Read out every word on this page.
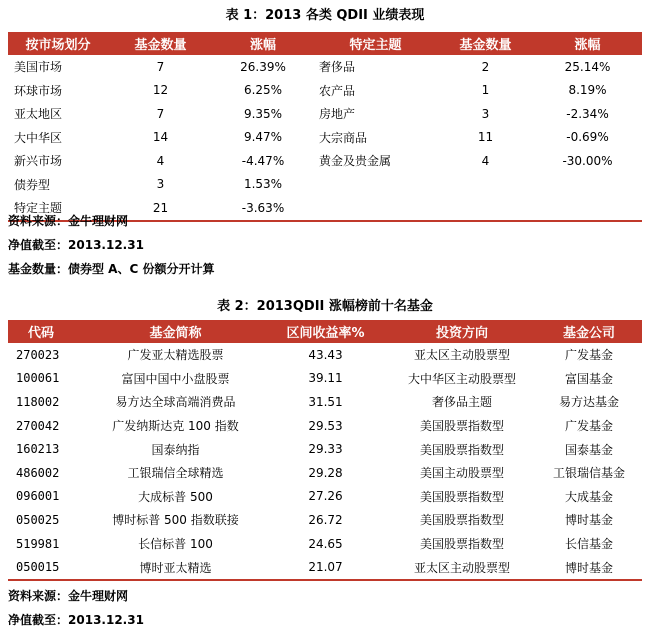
表 1：2013 各类 QDII 业绩表现
按市场划分	基金数量	涨幅	特定主题	基金数量	涨幅
美国市场	7	26.39%	奢侈品	2	25.14%
环球市场	12	6.25%	农产品	1	8.19%
亚太地区	7	9.35%	房地产	3	-2.34%
大中华区	14	9.47%	大宗商品	11	-0.69%
新兴市场	4	-4.47%	黄金及贵金属	4	-30.00%
债券型	3	1.53%			
特定主题	21	-3.63%			
资料来源：金牛理财网
净值截至：2013.12.31
基金数量：债券型 A、C 份额分开计算
表 2：2013QDII 涨幅榜前十名基金
代码	基金简称	区间收益率%	投资方向	基金公司
270023	广发亚太精选股票	43.43	亚太区主动股票型	广发基金
100061	富国中国中小盘股票	39.11	大中华区主动股票型	富国基金
118002	易方达全球高端消费品	31.51	奢侈品主题	易方达基金
270042	广发纳斯达克 100 指数	29.53	美国股票指数型	广发基金
160213	国泰纳指	29.33	美国股票指数型	国泰基金
486002	工银瑞信全球精选	29.28	美国主动股票型	工银瑞信基金
096001	大成标普 500	27.26	美国股票指数型	大成基金
050025	博时标普 500 指数联接	26.72	美国股票指数型	博时基金
519981	长信标普 100	24.65	美国股票指数型	长信基金
050015	博时亚太精选	21.07	亚太区主动股票型	博时基金
资料来源：金牛理财网
净值截至：2013.12.31
